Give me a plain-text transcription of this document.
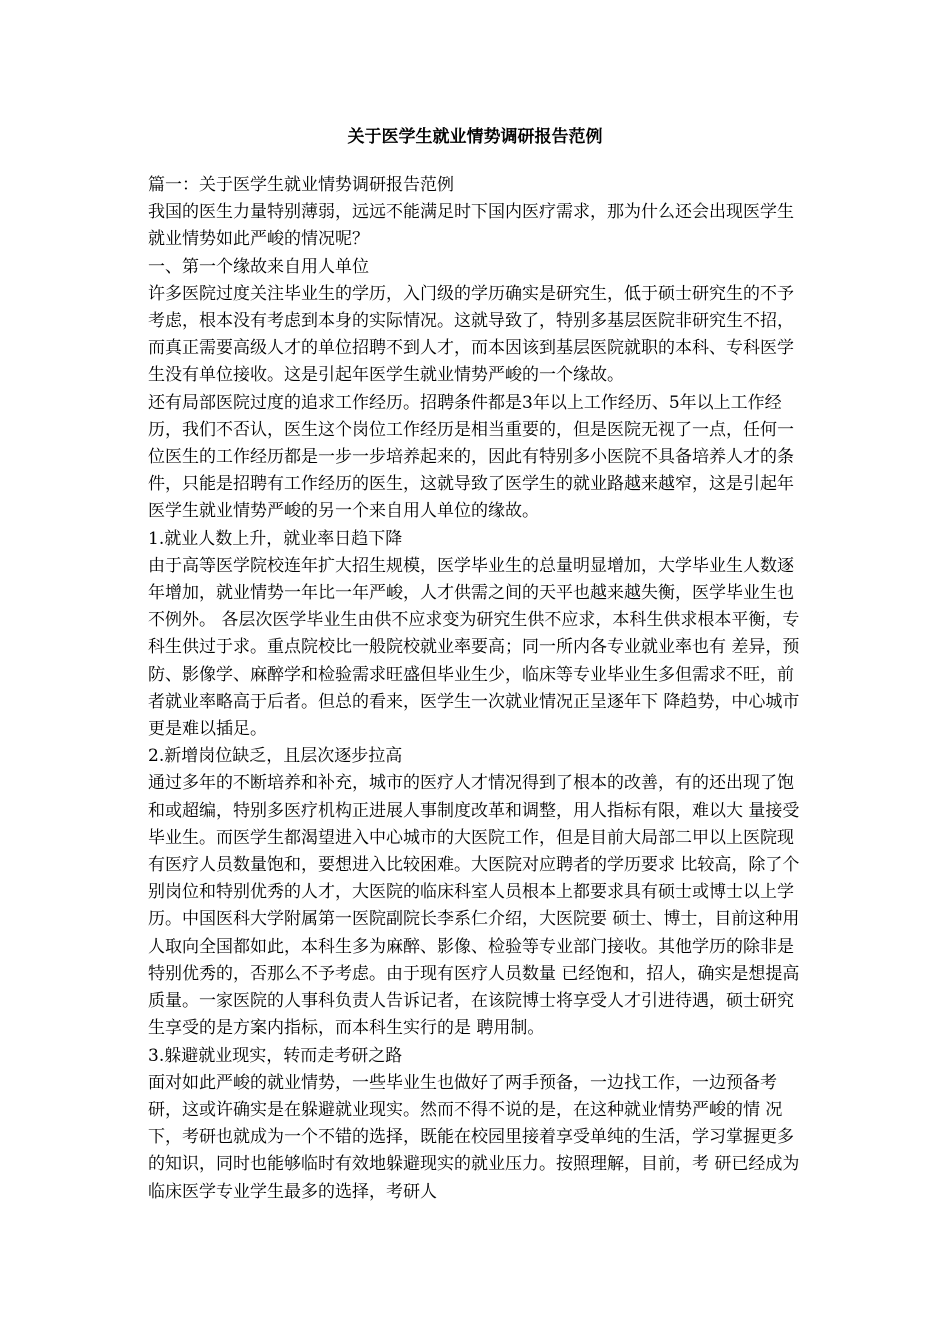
关于医学生就业情势调研报告范例

篇一：关于医学生就业情势调研报告范例

我国的医生力量特别薄弱，远远不能满足时下国内医疗需求，那为什么还会出现医学生就业情势如此严峻的情况呢？

一、第一个缘故来自用人单位

许多医院过度关注毕业生的学历，入门级的学历确实是研究生，低于硕士研究生的不予考虑，根本没有考虑到本身的实际情况。这就导致了，特别多基层医院非研究生不招，而真正需要高级人才的单位招聘不到人才，而本因该到基层医院就职的本科、专科医学生没有单位接收。这是引起年医学生就业情势严峻的一个缘故。

还有局部医院过度的追求工作经历。招聘条件都是3年以上工作经历、5年以上工作经历，我们不否认，医生这个岗位工作经历是相当重要的，但是医院无视了一点，任何一位医生的工作经历都是一步一步培养起来的，因此有特别多小医院不具备培养人才的条件，只能是招聘有工作经历的医生，这就导致了医学生的就业路越来越窄，这是引起年医学生就业情势严峻的另一个来自用人单位的缘故。

1.就业人数上升，就业率日趋下降

由于高等医学院校连年扩大招生规模，医学毕业生的总量明显增加，大学毕业生人数逐年增加，就业情势一年比一年严峻，人才供需之间的天平也越来越失衡，医学毕业生也不例外。 各层次医学毕业生由供不应求变为研究生供不应求，本科生供求根本平衡，专科生供过于求。重点院校比一般院校就业率要高；同一所内各专业就业率也有 差异，预防、影像学、麻醉学和检验需求旺盛但毕业生少，临床等专业毕业生多但需求不旺，前者就业率略高于后者。但总的看来，医学生一次就业情况正呈逐年下 降趋势，中心城市更是难以插足。

2.新增岗位缺乏，且层次逐步拉高

通过多年的不断培养和补充，城市的医疗人才情况得到了根本的改善，有的还出现了饱和或超编，特别多医疗机构正进展人事制度改革和调整，用人指标有限，难以大 量接受毕业生。而医学生都渴望进入中心城市的大医院工作，但是目前大局部二甲以上医院现有医疗人员数量饱和，要想进入比较困难。大医院对应聘者的学历要求 比较高，除了个别岗位和特别优秀的人才，大医院的临床科室人员根本上都要求具有硕士或博士以上学历。中国医科大学附属第一医院副院长李系仁介绍，大医院要 硕士、博士，目前这种用人取向全国都如此，本科生多为麻醉、影像、检验等专业部门接收。其他学历的除非是特别优秀的，否那么不予考虑。由于现有医疗人员数量 已经饱和，招人，确实是想提高质量。一家医院的人事科负责人告诉记者，在该院博士将享受人才引进待遇，硕士研究生享受的是方案内指标，而本科生实行的是 聘用制。

3.躲避就业现实，转而走考研之路

面对如此严峻的就业情势，一些毕业生也做好了两手预备，一边找工作，一边预备考研，这或许确实是在躲避就业现实。然而不得不说的是，在这种就业情势严峻的情 况下，考研也就成为一个不错的选择，既能在校园里接着享受单纯的生活，学习掌握更多的知识，同时也能够临时有效地躲避现实的就业压力。按照理解，目前，考 研已经成为临床医学专业学生最多的选择，考研人
